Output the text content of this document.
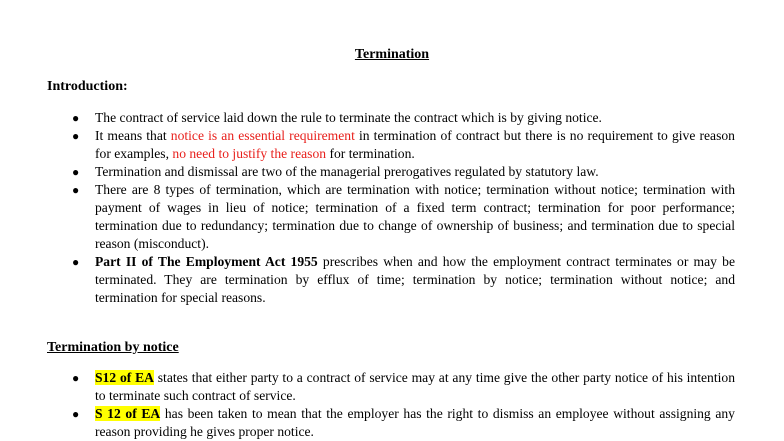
Termination
Introduction:
● The contract of service laid down the rule to terminate the contract which is by giving notice.
● It means that notice is an essential requirement in termination of contract but there is no requirement to give reason for examples, no need to justify the reason for termination.
● Termination and dismissal are two of the managerial prerogatives regulated by statutory law.
● There are 8 types of termination, which are termination with notice; termination without notice; termination with payment of wages in lieu of notice; termination of a fixed term contract; termination for poor performance; termination due to redundancy; termination due to change of ownership of business; and termination due to special reason (misconduct).
● Part II of The Employment Act 1955 prescribes when and how the employment contract terminates or may be terminated. They are termination by efflux of time; termination by notice; termination without notice; and termination for special reasons.
Termination by notice
● S12 of EA states that either party to a contract of service may at any time give the other party notice of his intention to terminate such contract of service.
● S 12 of EA has been taken to mean that the employer has the right to dismiss an employee without assigning any reason providing he gives proper notice.
